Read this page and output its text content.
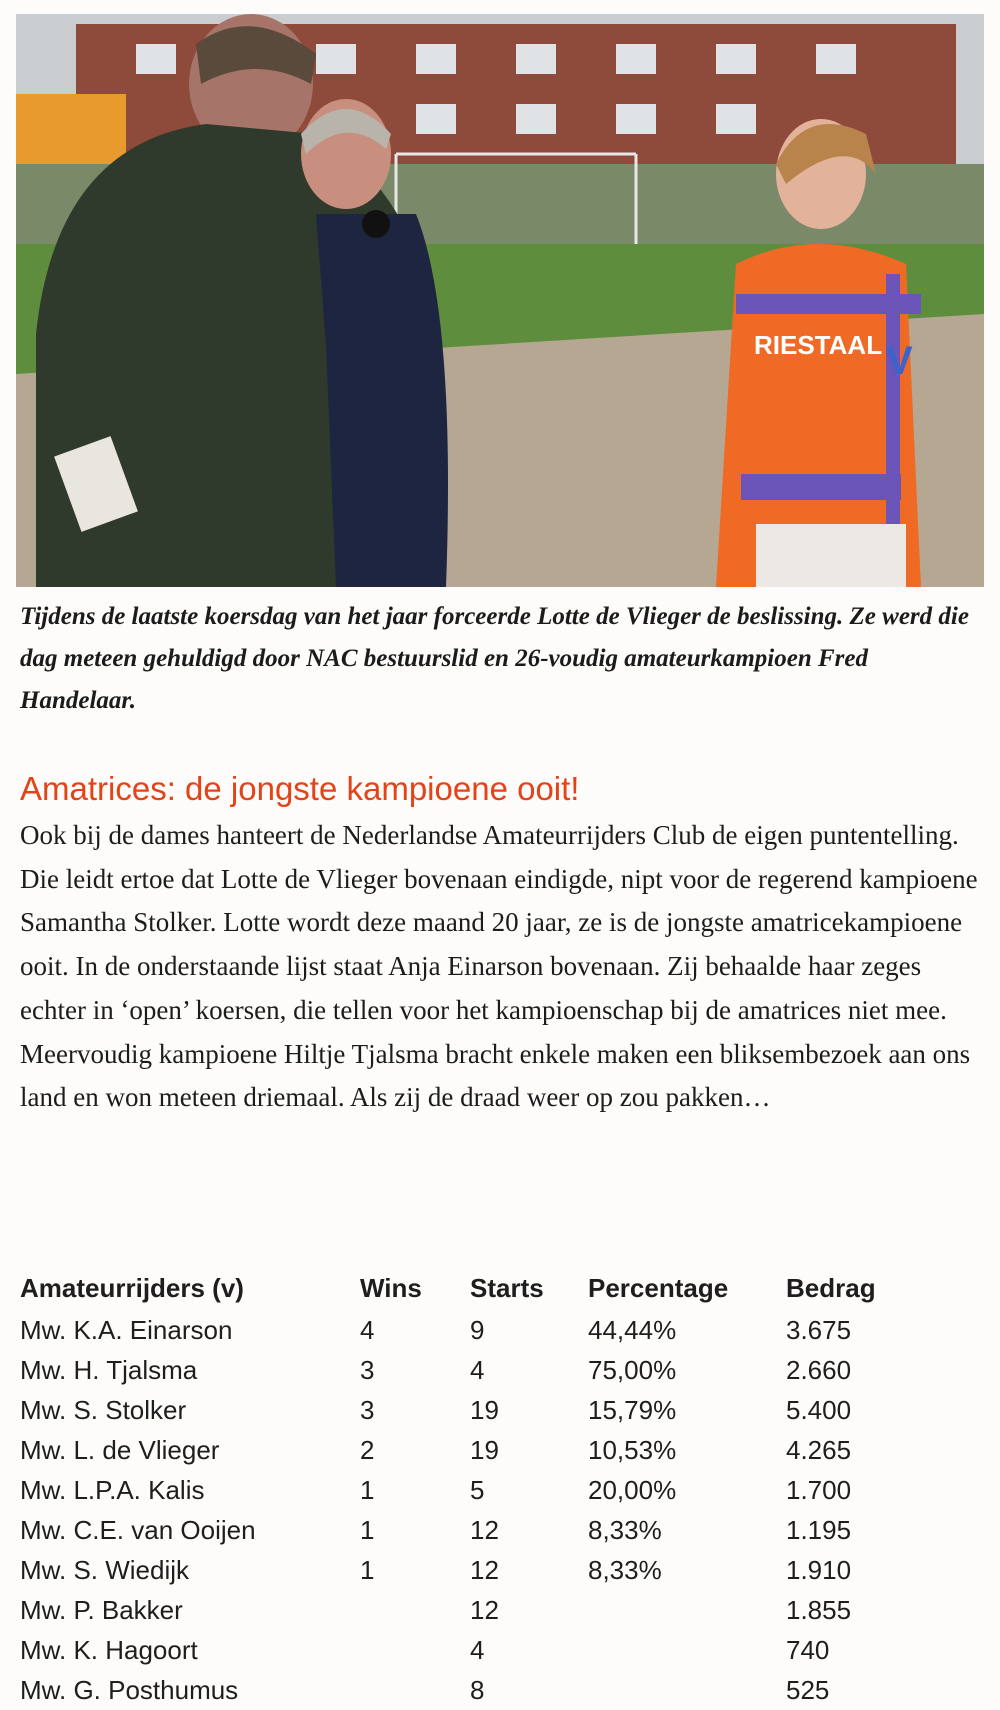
RIESTAAL V

Tijdens de laatste koersdag van het jaar forceerde Lotte de Vlieger de beslissing. Ze werd die dag meteen gehuldigd door NAC bestuurslid en 26-voudig amateurkampioen Fred Handelaar.

Amatrices: de jongste kampioene ooit!

Ook bij de dames hanteert de Nederlandse Amateurrijders Club de eigen puntentelling. Die leidt ertoe dat Lotte de Vlieger bovenaan eindigde, nipt voor de regerend kampioene Samantha Stolker. Lotte wordt deze maand 20 jaar, ze is de jongste amatricekampioene ooit. In de onderstaande lijst staat Anja Einarson bovenaan. Zij behaalde haar zeges echter in ‘open’ koersen, die tellen voor het kampioenschap bij de amatrices niet mee. Meervoudig kampioene Hiltje Tjalsma bracht enkele maken een bliksembezoek aan ons land en won meteen driemaal. Als zij de draad weer op zou pakken…

Amateurrijders (v)	Wins	Starts	Percentage	Bedrag
Mw. K.A. Einarson	4	9	44,44%	3.675
Mw. H. Tjalsma	3	4	75,00%	2.660
Mw. S. Stolker	3	19	15,79%	5.400
Mw. L. de Vlieger	2	19	10,53%	4.265
Mw. L.P.A. Kalis	1	5	20,00%	1.700
Mw. C.E. van Ooijen	1	12	8,33%	1.195
Mw. S. Wiedijk	1	12	8,33%	1.910
Mw. P. Bakker		12		1.855
Mw. K. Hagoort		4		740
Mw. G. Posthumus		8		525
